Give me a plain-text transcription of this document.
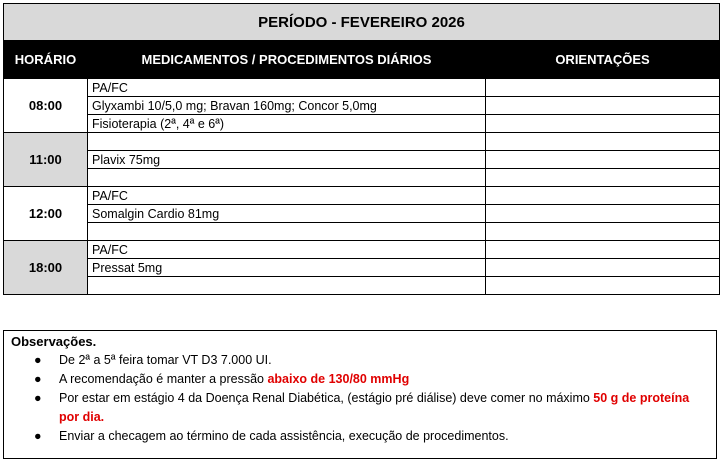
PERÍODO - FEVEREIRO 2026		
HORÁRIO	MEDICAMENTOS / PROCEDIMENTOS DIÁRIOS	ORIENTAÇÕES
08:00	PA/FC	
	Glyxambi 10/5,0 mg; Bravan 160mg; Concor 5,0mg	
	Fisioterapia (2ª, 4ª e 6ª)	
11:00		
	Plavix 75mg	

12:00	PA/FC	
	Somalgin Cardio 81mg	

18:00	PA/FC	
	Pressat 5mg	

Observações.
● De 2ª a 5ª feira tomar VT D3 7.000 UI.
● A recomendação é manter a pressão abaixo de 130/80 mmHg
● Por estar em estágio 4 da Doença Renal Diabética, (estágio pré diálise) deve comer no máximo 50 g de proteína por dia.
● Enviar a checagem ao término de cada assistência, execução de procedimentos.
